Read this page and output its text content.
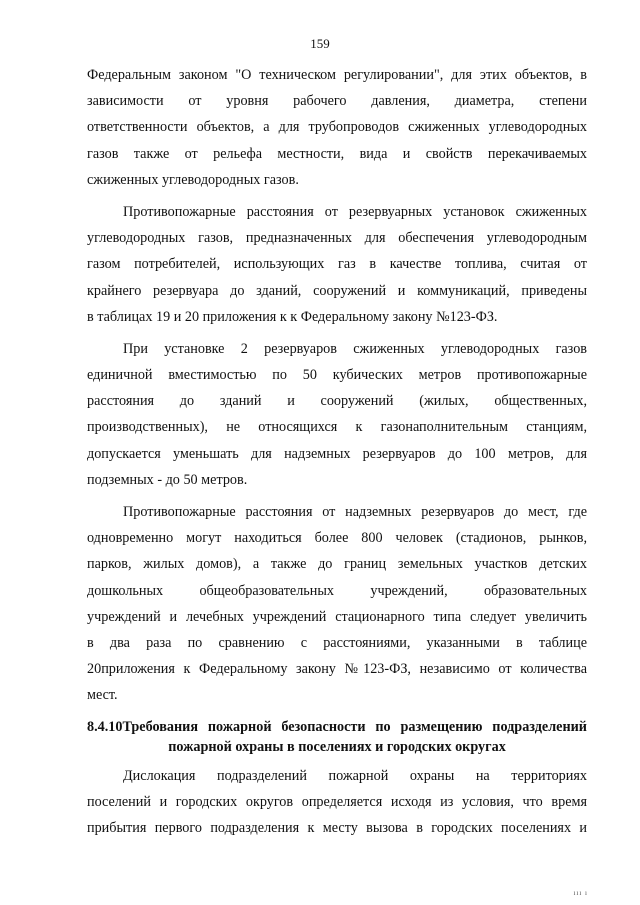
159
Федеральным законом "О техническом регулировании", для этих объектов, в
зависимости от уровня рабочего давления, диаметра, степени
ответственности объектов, а для трубопроводов сжиженных углеводородных
газов также от рельефа местности, вида и свойств перекачиваемых
сжиженных углеводородных газов.
Противопожарные расстояния от резервуарных установок сжиженных
углеводородных газов, предназначенных для обеспечения углеводородным
газом потребителей, использующих газ в качестве топлива, считая от
крайнего резервуара до зданий, сооружений и коммуникаций, приведены
в таблицах 19 и 20 приложения к к Федеральному закону №123-ФЗ.
При установке 2 резервуаров сжиженных углеводородных газов
единичной вместимостью по 50 кубических метров противопожарные
расстояния до зданий и сооружений (жилых, общественных,
производственных), не относящихся к газонаполнительным станциям,
допускается уменьшать для надземных резервуаров до 100 метров, для
подземных - до 50 метров.
Противопожарные расстояния от надземных резервуаров до мест, где
одновременно могут находиться более 800 человек (стадионов, рынков,
парков, жилых домов), а также до границ земельных участков детских
дошкольных общеобразовательных учреждений, образовательных
учреждений и лечебных учреждений стационарного типа следует увеличить
в два раза по сравнению с расстояниями, указанными в таблице
20приложения к Федеральному закону №123-ФЗ, независимо от количества
мест.
8.4.10Требования пожарной безопасности по размещению подразделений
пожарной охраны в поселениях и городских округах
Дислокация подразделений пожарной охраны на территориях
поселений и городских округов определяется исходя из условия, что время
прибытия первого подразделения к месту вызова в городских поселениях и
ııı ı
